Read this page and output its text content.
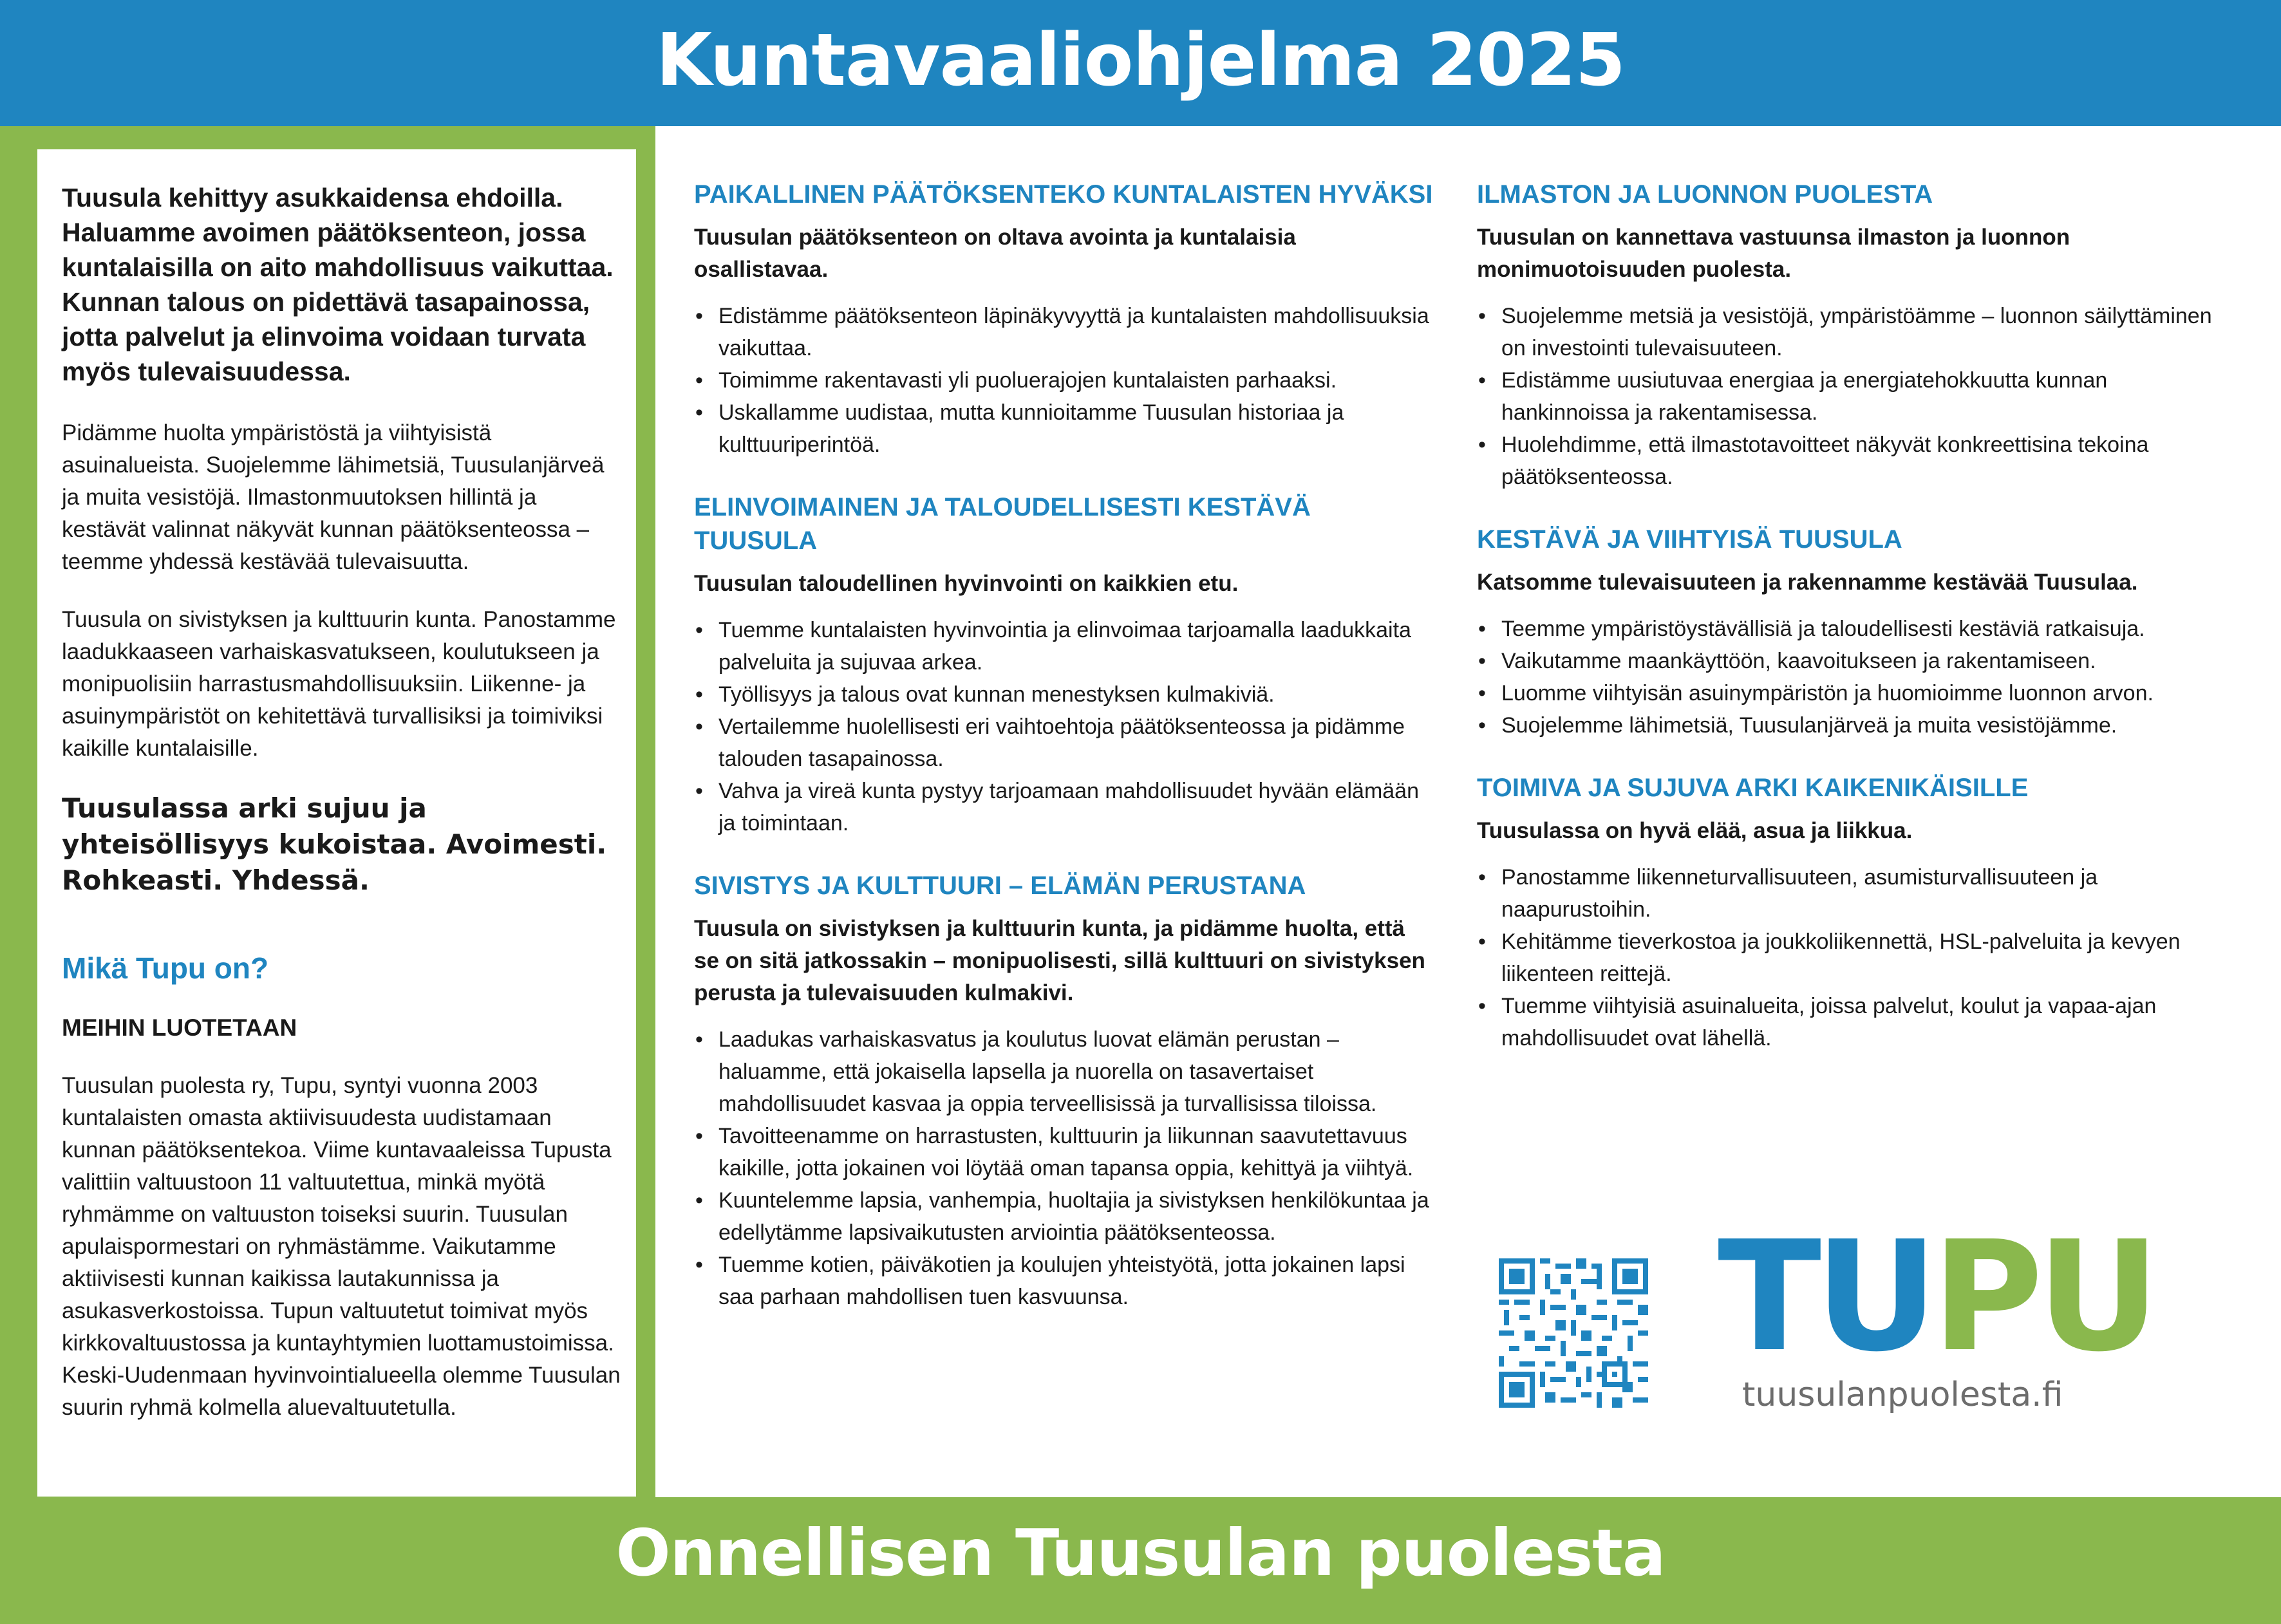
Kuntavaaliohjelma 2025
Onnellisen Tuusulan puolesta

Tuusula kehittyy asukkaidensa ehdoilla. Haluamme avoimen päätöksenteon, jossa kuntalaisilla on aito mahdollisuus vaikuttaa. Kunnan talous on pidettävä tasapainossa, jotta palvelut ja elinvoima voidaan turvata myös tulevaisuudessa.

Pidämme huolta ympäristöstä ja viihtyisistä asuinalueista. Suojelemme lähimetsiä, Tuusulanjärveä ja muita vesistöjä. Ilmastonmuutoksen hillintä ja kestävät valinnat näkyvät kunnan päätöksenteossa – teemme yhdessä kestävää tulevaisuutta.

Tuusula on sivistyksen ja kulttuurin kunta. Panostamme laadukkaaseen varhaiskasvatukseen, koulutukseen ja monipuolisiin harrastusmahdollisuuksiin. Liikenne- ja asuinympäristöt on kehitettävä turvallisiksi ja toimiviksi kaikille kuntalaisille.

Tuusulassa arki sujuu ja yhteisöllisyys kukoistaa. Avoimesti. Rohkeasti. Yhdessä.

Mikä Tupu on?
MEIHIN LUOTETAAN

Tuusulan puolesta ry, Tupu, syntyi vuonna 2003 kuntalaisten omasta aktiivisuudesta uudistamaan kunnan päätöksentekoa. Viime kuntavaaleissa Tupusta valittiin valtuustoon 11 valtuutettua, minkä myötä ryhmämme on valtuuston toiseksi suurin. Tuusulan apulaispormestari on ryhmästämme. Vaikutamme aktiivisesti kunnan kaikissa lautakunnissa ja asukasverkostoissa. Tupun valtuutetut toimivat myös kirkkovaltuustossa ja kuntayhtymien luottamustoimissa. Keski-Uudenmaan hyvinvointialueella olemme Tuusulan suurin ryhmä kolmella aluevaltuutetulla.

PAIKALLINEN PÄÄTÖKSENTEKO KUNTALAISTEN HYVÄKSI

Tuusulan päätöksenteon on oltava avointa ja kuntalaisia osallistavaa.

• Edistämme päätöksenteon läpinäkyvyyttä ja kuntalaisten mahdollisuuksia vaikuttaa.
• Toimimme rakentavasti yli puoluerajojen kuntalaisten parhaaksi.
• Uskallamme uudistaa, mutta kunnioitamme Tuusulan historiaa ja kulttuuriperintöä.
ELINVOIMAINEN JA TALOUDELLISESTI KESTÄVÄ TUUSULA

Tuusulan taloudellinen hyvinvointi on kaikkien etu.

• Tuemme kuntalaisten hyvinvointia ja elinvoimaa tarjoamalla laadukkaita palveluita ja sujuvaa arkea.
• Työllisyys ja talous ovat kunnan menestyksen kulmakiviä.
• Vertailemme huolellisesti eri vaihtoehtoja päätöksenteossa ja pidämme talouden tasapainossa.
• Vahva ja vireä kunta pystyy tarjoamaan mahdollisuudet hyvään elämään ja toimintaan.
SIVISTYS JA KULTTUURI – ELÄMÄN PERUSTANA

Tuusula on sivistyksen ja kulttuurin kunta, ja pidämme huolta, että se on sitä jatkossakin – monipuolisesti, sillä kulttuuri on sivistyksen perusta ja tulevaisuuden kulmakivi.

• Laadukas varhaiskasvatus ja koulutus luovat elämän perustan – haluamme, että jokaisella lapsella ja nuorella on tasavertaiset mahdollisuudet kasvaa ja oppia terveellisissä ja turvallisissa tiloissa.
• Tavoitteenamme on harrastusten, kulttuurin ja liikunnan saavutettavuus kaikille, jotta jokainen voi löytää oman tapansa oppia, kehittyä ja viihtyä.
• Kuuntelemme lapsia, vanhempia, huoltajia ja sivistyksen henkilökuntaa ja edellytämme lapsivaikutusten arviointia päätöksenteossa.
• Tuemme kotien, päiväkotien ja koulujen yhteistyötä, jotta jokainen lapsi saa parhaan mahdollisen tuen kasvuunsa.
ILMASTON JA LUONNON PUOLESTA

Tuusulan on kannettava vastuunsa ilmaston ja luonnon monimuotoisuuden puolesta.

• Suojelemme metsiä ja vesistöjä, ympäristöämme – luonnon säilyttäminen on investointi tulevaisuuteen.
• Edistämme uusiutuvaa energiaa ja energiatehokkuutta kunnan hankinnoissa ja rakentamisessa.
• Huolehdimme, että ilmastotavoitteet näkyvät konkreettisina tekoina päätöksenteossa.
KESTÄVÄ JA VIIHTYISÄ TUUSULA

Katsomme tulevaisuuteen ja rakennamme kestävää Tuusulaa.

• Teemme ympäristöystävällisiä ja taloudellisesti kestäviä ratkaisuja.
• Vaikutamme maankäyttöön, kaavoitukseen ja rakentamiseen.
• Luomme viihtyisän asuinympäristön ja huomioimme luonnon arvon.
• Suojelemme lähimetsiä, Tuusulanjärveä ja muita vesistöjämme.
TOIMIVA JA SUJUVA ARKI KAIKENIKÄISILLE

Tuusulassa on hyvä elää, asua ja liikkua.

• Panostamme liikenneturvallisuuteen, asumisturvallisuuteen ja naapurustoihin.
• Kehitämme tieverkostoa ja joukkoliikennettä, HSL-palveluita ja kevyen liikenteen reittejä.
• Tuemme viihtyisiä asuinalueita, joissa palvelut, koulut ja vapaa-ajan mahdollisuudet ovat lähellä.
TUPU
tuusulanpuolesta.fi
